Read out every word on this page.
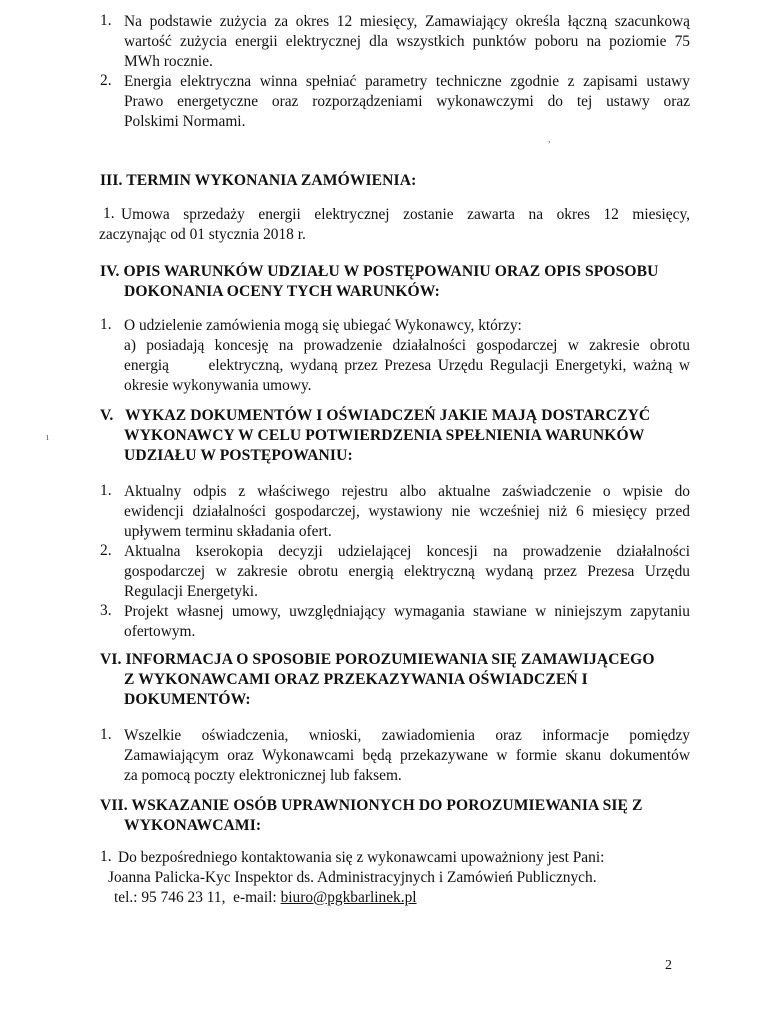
1. Na podstawie zużycia za okres 12 miesięcy, Zamawiający określa łączną szacunkową
wartość zużycia energii elektrycznej dla wszystkich punktów poboru na poziomie 75
MWh rocznie.
2. Energia elektryczna winna spełniać parametry techniczne zgodnie z zapisami ustawy
Prawo energetyczne oraz rozporządzeniami wykonawczymi do tej ustawy oraz
Polskimi Normami.
,
ı
III. TERMIN WYKONANIA ZAMÓWIENIA:
1. Umowa sprzedaży energii elektrycznej zostanie zawarta na okres 12 miesięcy,
zaczynając od 01 stycznia 2018 r.
IV. OPIS WARUNKÓW UDZIAŁU W POSTĘPOWANIU ORAZ OPIS SPOSOBU
DOKONANIA OCENY TYCH WARUNKÓW:
1. O udzielenie zamówienia mogą się ubiegać Wykonawcy, którzy:
a) posiadają koncesję na prowadzenie działalności gospodarczej w zakresie obrotu
energią      elektryczną, wydaną przez Prezesa Urzędu Regulacji Energetyki, ważną w
okresie wykonywania umowy.
V.   WYKAZ DOKUMENTÓW I OŚWIADCZEŃ JAKIE MAJĄ DOSTARCZYĆ
WYKONAWCY W CELU POTWIERDZENIA SPEŁNIENIA WARUNKÓW
UDZIAŁU W POSTĘPOWANIU:
1. Aktualny odpis z właściwego rejestru albo aktualne zaświadczenie o wpisie do
ewidencji działalności gospodarczej, wystawiony nie wcześniej niż 6 miesięcy przed
upływem terminu składania ofert.
2. Aktualna kserokopia decyzji udzielającej koncesji na prowadzenie działalności
gospodarczej w zakresie obrotu energią elektryczną wydaną przez Prezesa Urzędu
Regulacji Energetyki.
3. Projekt własnej umowy, uwzględniający wymagania stawiane w niniejszym zapytaniu
ofertowym.
VI. INFORMACJA O SPOSOBIE POROZUMIEWANIA SIĘ ZAMAWIJĄCEGO
Z WYKONAWCAMI ORAZ PRZEKAZYWANIA OŚWIADCZEŃ I
DOKUMENTÓW:
1. Wszelkie oświadczenia, wnioski, zawiadomienia oraz informacje pomiędzy
Zamawiającym oraz Wykonawcami będą przekazywane w formie skanu dokumentów
za pomocą poczty elektronicznej lub faksem.
VII. WSKAZANIE OSÓB UPRAWNIONYCH DO POROZUMIEWANIA SIĘ Z
WYKONAWCAMI:
1. Do bezpośredniego kontaktowania się z wykonawcami upoważniony jest Pani:
Joanna Palicka-Kyc Inspektor ds. Administracyjnych i Zamówień Publicznych.
tel.: 95 746 23 11,  e-mail: biuro@pgkbarlinek.pl
2
